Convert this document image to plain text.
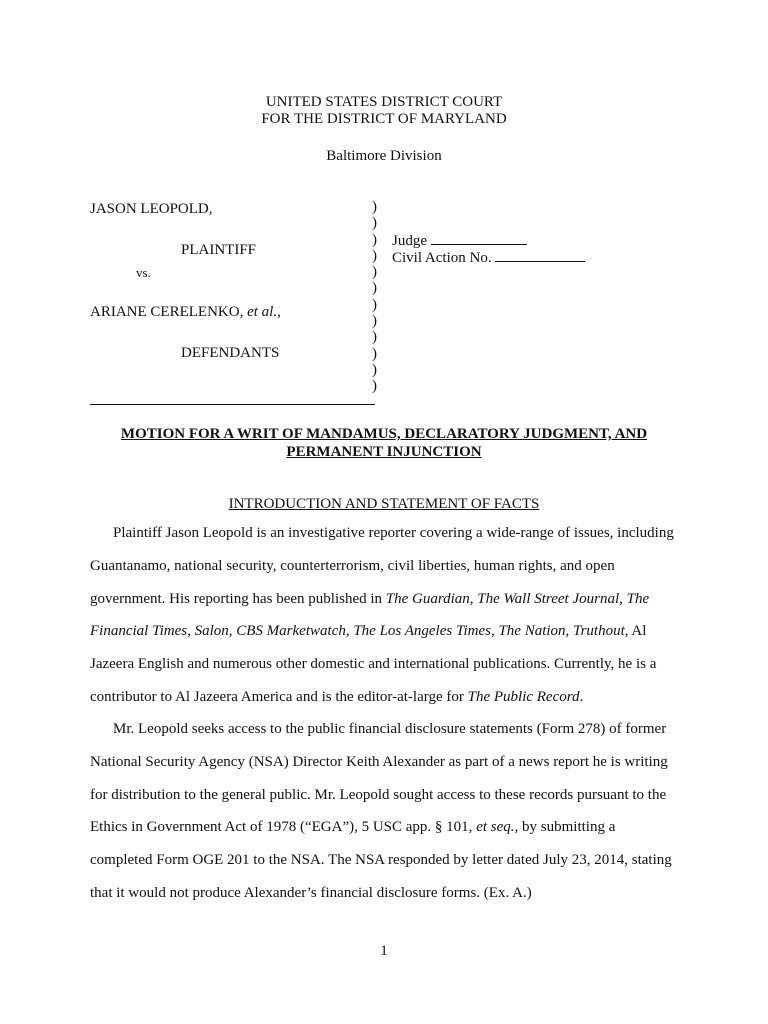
UNITED STATES DISTRICT COURT
FOR THE DISTRICT OF MARYLAND
Baltimore Division
JASON LEOPOLD,
PLAINTIFF
vs.
ARIANE CERELENKO, et al.,
DEFENDANTS
)
)
)
)
)
)
)
)
)
)
)
)
Judge
Civil Action No.
MOTION FOR A WRIT OF MANDAMUS, DECLARATORY JUDGMENT, AND
PERMANENT INJUNCTION
INTRODUCTION AND STATEMENT OF FACTS
Plaintiff Jason Leopold is an investigative reporter covering a wide-range of issues, including
Guantanamo, national security, counterterrorism, civil liberties, human rights, and open
government. His reporting has been published in The Guardian, The Wall Street Journal, The
Financial Times, Salon, CBS Marketwatch, The Los Angeles Times, The Nation, Truthout, Al
Jazeera English and numerous other domestic and international publications. Currently, he is a
contributor to Al Jazeera America and is the editor-at-large for The Public Record.
Mr. Leopold seeks access to the public financial disclosure statements (Form 278) of former
National Security Agency (NSA) Director Keith Alexander as part of a news report he is writing
for distribution to the general public. Mr. Leopold sought access to these records pursuant to the
Ethics in Government Act of 1978 (“EGA”), 5 USC app. § 101, et seq., by submitting a
completed Form OGE 201 to the NSA. The NSA responded by letter dated July 23, 2014, stating
that it would not produce Alexander’s financial disclosure forms. (Ex. A.)
1
